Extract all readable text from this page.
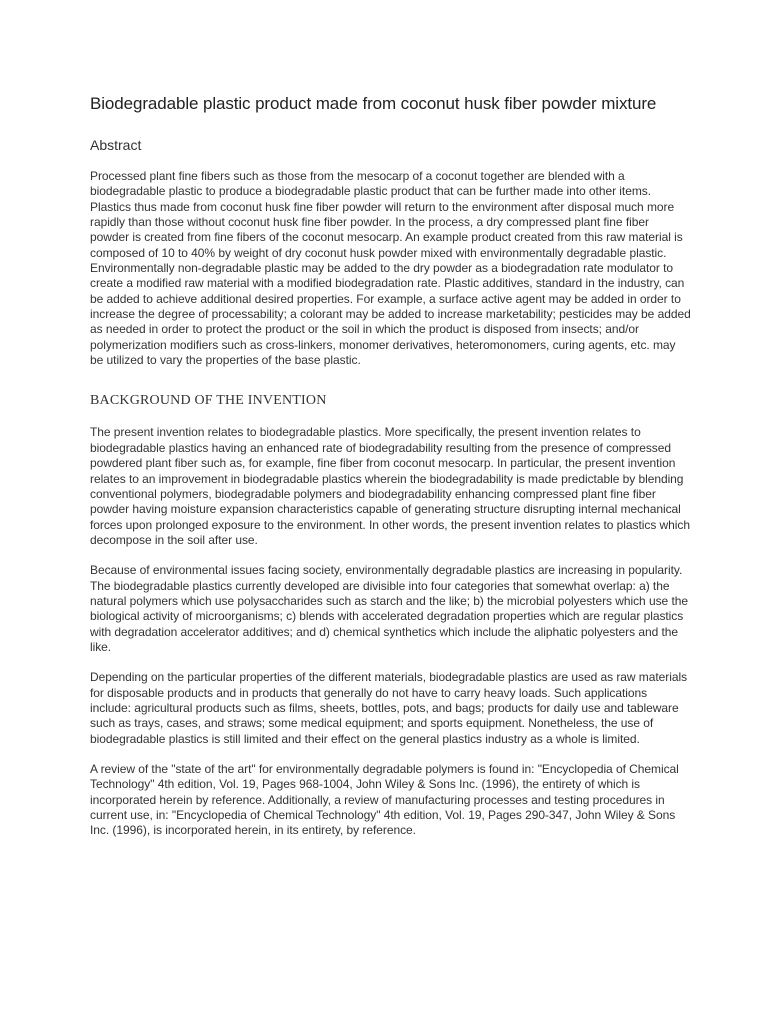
Biodegradable plastic product made from coconut husk fiber powder mixture
Abstract

Processed plant fine fibers such as those from the mesocarp of a coconut together are blended with a biodegradable plastic to produce a biodegradable plastic product that can be further made into other items. Plastics thus made from coconut husk fine fiber powder will return to the environment after disposal much more rapidly than those without coconut husk fine fiber powder. In the process, a dry compressed plant fine fiber powder is created from fine fibers of the coconut mesocarp. An example product created from this raw material is composed of 10 to 40% by weight of dry coconut husk powder mixed with environmentally degradable plastic. Environmentally non-degradable plastic may be added to the dry powder as a biodegradation rate modulator to create a modified raw material with a modified biodegradation rate. Plastic additives, standard in the industry, can be added to achieve additional desired properties. For example, a surface active agent may be added in order to increase the degree of processability; a colorant may be added to increase marketability; pesticides may be added as needed in order to protect the product or the soil in which the product is disposed from insects; and/or polymerization modifiers such as cross-linkers, monomer derivatives, heteromonomers, curing agents, etc. may be utilized to vary the properties of the base plastic.

BACKGROUND OF THE INVENTION

The present invention relates to biodegradable plastics. More specifically, the present invention relates to biodegradable plastics having an enhanced rate of biodegradability resulting from the presence of compressed powdered plant fiber such as, for example, fine fiber from coconut mesocarp. In particular, the present invention relates to an improvement in biodegradable plastics wherein the biodegradability is made predictable by blending conventional polymers, biodegradable polymers and biodegradability enhancing compressed plant fine fiber powder having moisture expansion characteristics capable of generating structure disrupting internal mechanical forces upon prolonged exposure to the environment. In other words, the present invention relates to plastics which decompose in the soil after use.

Because of environmental issues facing society, environmentally degradable plastics are increasing in popularity. The biodegradable plastics currently developed are divisible into four categories that somewhat overlap: a) the natural polymers which use polysaccharides such as starch and the like; b) the microbial polyesters which use the biological activity of microorganisms; c) blends with accelerated degradation properties which are regular plastics with degradation accelerator additives; and d) chemical synthetics which include the aliphatic polyesters and the like.

Depending on the particular properties of the different materials, biodegradable plastics are used as raw materials for disposable products and in products that generally do not have to carry heavy loads. Such applications include: agricultural products such as films, sheets, bottles, pots, and bags; products for daily use and tableware such as trays, cases, and straws; some medical equipment; and sports equipment. Nonetheless, the use of biodegradable plastics is still limited and their effect on the general plastics industry as a whole is limited.

A review of the "state of the art" for environmentally degradable polymers is found in: "Encyclopedia of Chemical Technology" 4th edition, Vol. 19, Pages 968-1004, John Wiley & Sons Inc. (1996), the entirety of which is incorporated herein by reference. Additionally, a review of manufacturing processes and testing procedures in current use, in: "Encyclopedia of Chemical Technology" 4th edition, Vol. 19, Pages 290-347, John Wiley & Sons Inc. (1996), is incorporated herein, in its entirety, by reference.
